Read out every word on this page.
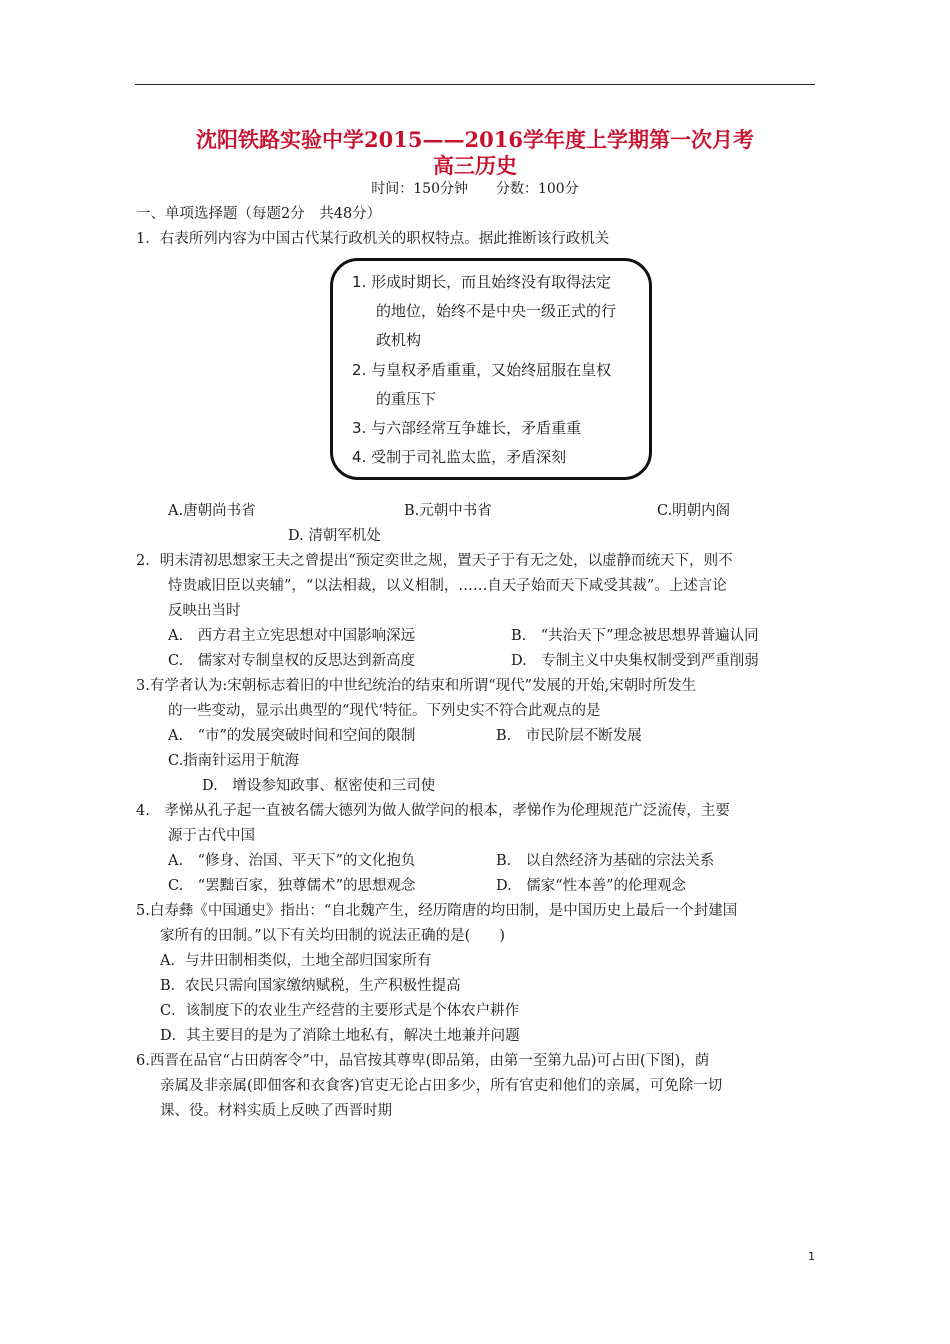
沈阳铁路实验中学2015——2016学年度上学期第一次月考
高三历史
时间：150分钟　　分数：100分
一、单项选择题（每题2分　共48分）
1．右表所列内容为中国古代某行政机关的职权特点。据此推断该行政机关
1. 形成时期长，而且始终没有取得法定
的地位，始终不是中央一级正式的行
政机构
2. 与皇权矛盾重重，又始终屈服在皇权
的重压下
3. 与六部经常互争雄长，矛盾重重
4. 受制于司礼监太监，矛盾深刻
A.唐朝尚书省	B.元朝中书省	C.明朝内阁
D. 清朝军机处
2．明末清初思想家王夫之曾提出“预定奕世之规，置天子于有无之处，以虚静而统天下，则不
恃贵戚旧臣以夹辅”，“以法相裁，以义相制，……自天子始而天下咸受其裁”。上述言论
反映出当时
A.　西方君主立宪思想对中国影响深远	B.　“共治天下”理念被思想界普遍认同
C.　儒家对专制皇权的反思达到新高度	D.　专制主义中央集权制受到严重削弱
3.有学者认为:宋朝标志着旧的中世纪统治的结束和所谓“现代”发展的开始,宋朝时所发生
的一些变动，显示出典型的“现代’特征。下列史实不符合此观点的是
A.　“市”的发展突破时间和空间的限制	B.　市民阶层不断发展
C.指南针运用于航海
D.　增设参知政事、枢密使和三司使
4.　孝悌从孔子起一直被名儒大德列为做人做学问的根本，孝悌作为伦理规范广泛流传，主要
源于古代中国
A.　“修身、治国、平天下”的文化抱负	B.　以自然经济为基础的宗法关系
C.　“罢黜百家，独尊儒术”的思想观念	D.　儒家“性本善”的伦理观念
5.白寿彝《中国通史》指出：“自北魏产生，经历隋唐的均田制，是中国历史上最后一个封建国
家所有的田制。”以下有关均田制的说法正确的是(　　)
A．与井田制相类似，土地全部归国家所有
B．农民只需向国家缴纳赋税，生产积极性提高
C．该制度下的农业生产经营的主要形式是个体农户耕作
D．其主要目的是为了消除土地私有，解决土地兼并问题
6.西晋在品官“占田荫客令”中，品官按其尊卑(即品第，由第一至第九品)可占田(下图)，荫
亲属及非亲属(即佃客和衣食客)官吏无论占田多少，所有官吏和他们的亲属，可免除一切
课、役。材料实质上反映了西晋时期
1
